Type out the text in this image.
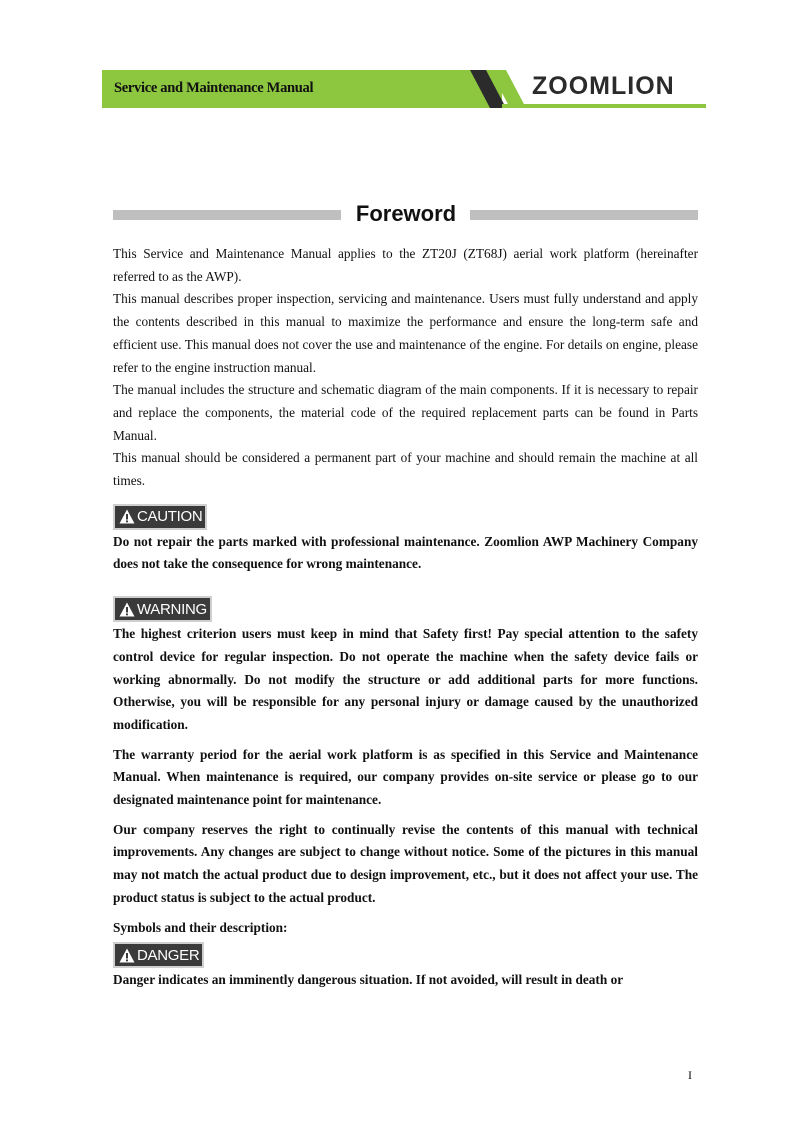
Service and Maintenance Manual	ZOOMLION
Foreword

This Service and Maintenance Manual applies to the ZT20J (ZT68J) aerial work platform (hereinafter referred to as the AWP).

This manual describes proper inspection, servicing and maintenance. Users must fully understand and apply the contents described in this manual to maximize the performance and ensure the long-term safe and efficient use. This manual does not cover the use and maintenance of the engine. For details on engine, please refer to the engine instruction manual.

The manual includes the structure and schematic diagram of the main components. If it is necessary to repair and replace the components, the material code of the required replacement parts can be found in Parts Manual.

This manual should be considered a permanent part of your machine and should remain the machine at all times.

CAUTION

Do not repair the parts marked with professional maintenance. Zoomlion AWP Machinery Company does not take the consequence for wrong maintenance.

WARNING

The highest criterion users must keep in mind that Safety first! Pay special attention to the safety control device for regular inspection. Do not operate the machine when the safety device fails or working abnormally. Do not modify the structure or add additional parts for more functions. Otherwise, you will be responsible for any personal injury or damage caused by the unauthorized modification.

The warranty period for the aerial work platform is as specified in this Service and Maintenance Manual. When maintenance is required, our company provides on-site service or please go to our designated maintenance point for maintenance.

Our company reserves the right to continually revise the contents of this manual with technical improvements. Any changes are subject to change without notice. Some of the pictures in this manual may not match the actual product due to design improvement, etc., but it does not affect your use. The product status is subject to the actual product.

Symbols and their description:

DANGER

Danger indicates an imminently dangerous situation. If not avoided, will result in death or

I
